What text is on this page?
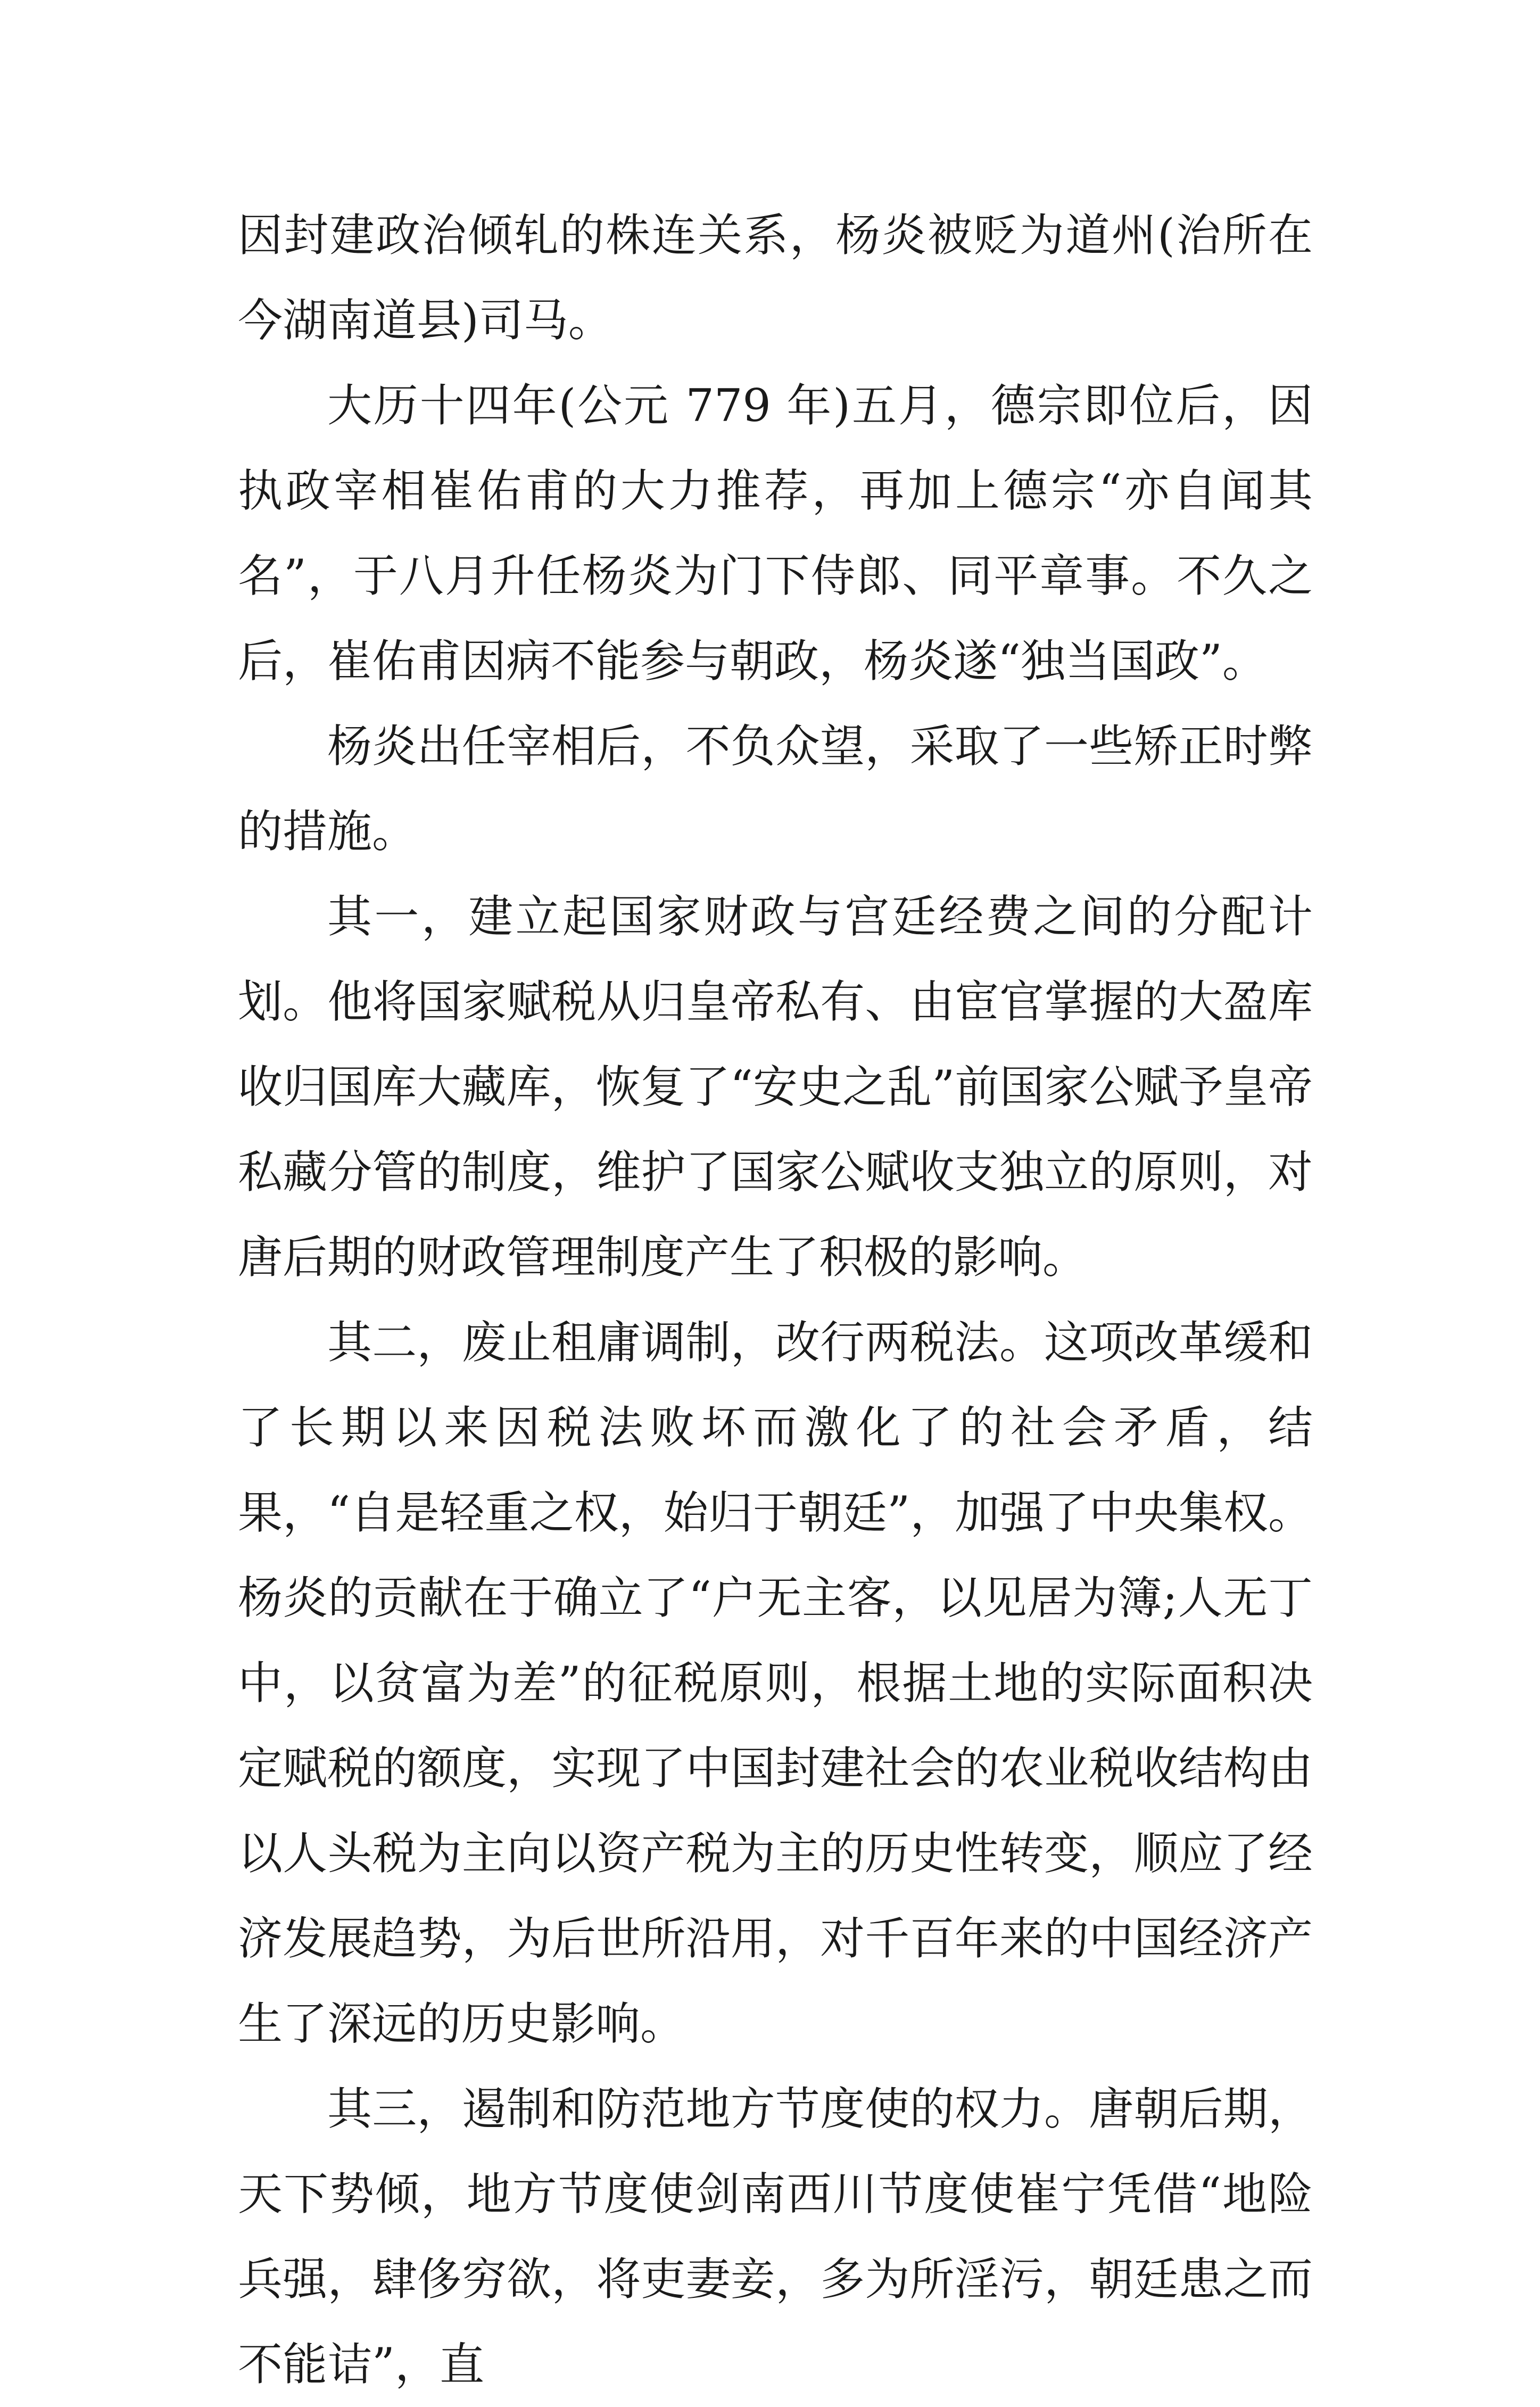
因封建政治倾轧的株连关系，杨炎被贬为道州(治所在今湖南道县)司马。

大历十四年(公元 779 年)五月，德宗即位后，因执政宰相崔佑甫的大力推荐，再加上德宗“亦自闻其名”，于八月升任杨炎为门下侍郎、同平章事。不久之后，崔佑甫因病不能参与朝政，杨炎遂“独当国政”。

杨炎出任宰相后，不负众望，采取了一些矫正时弊的措施。

其一，建立起国家财政与宫廷经费之间的分配计划。他将国家赋税从归皇帝私有、由宦官掌握的大盈库收归国库大藏库，恢复了“安史之乱”前国家公赋予皇帝私藏分管的制度，维护了国家公赋收支独立的原则，对唐后期的财政管理制度产生了积极的影响。

其二，废止租庸调制，改行两税法。这项改革缓和了长期以来因税法败坏而激化了的社会矛盾，结果，“自是轻重之权，始归于朝廷”，加强了中央集权。杨炎的贡献在于确立了“户无主客，以见居为簿;人无丁中，以贫富为差”的征税原则，根据土地的实际面积决定赋税的额度，实现了中国封建社会的农业税收结构由以人头税为主向以资产税为主的历史性转变，顺应了经济发展趋势，为后世所沿用，对千百年来的中国经济产生了深远的历史影响。

其三，遏制和防范地方节度使的权力。唐朝后期，天下势倾，地方节度使剑南西川节度使崔宁凭借“地险兵强，肆侈穷欲，将吏妻妾，多为所淫污，朝廷患之而不能诘”，直
